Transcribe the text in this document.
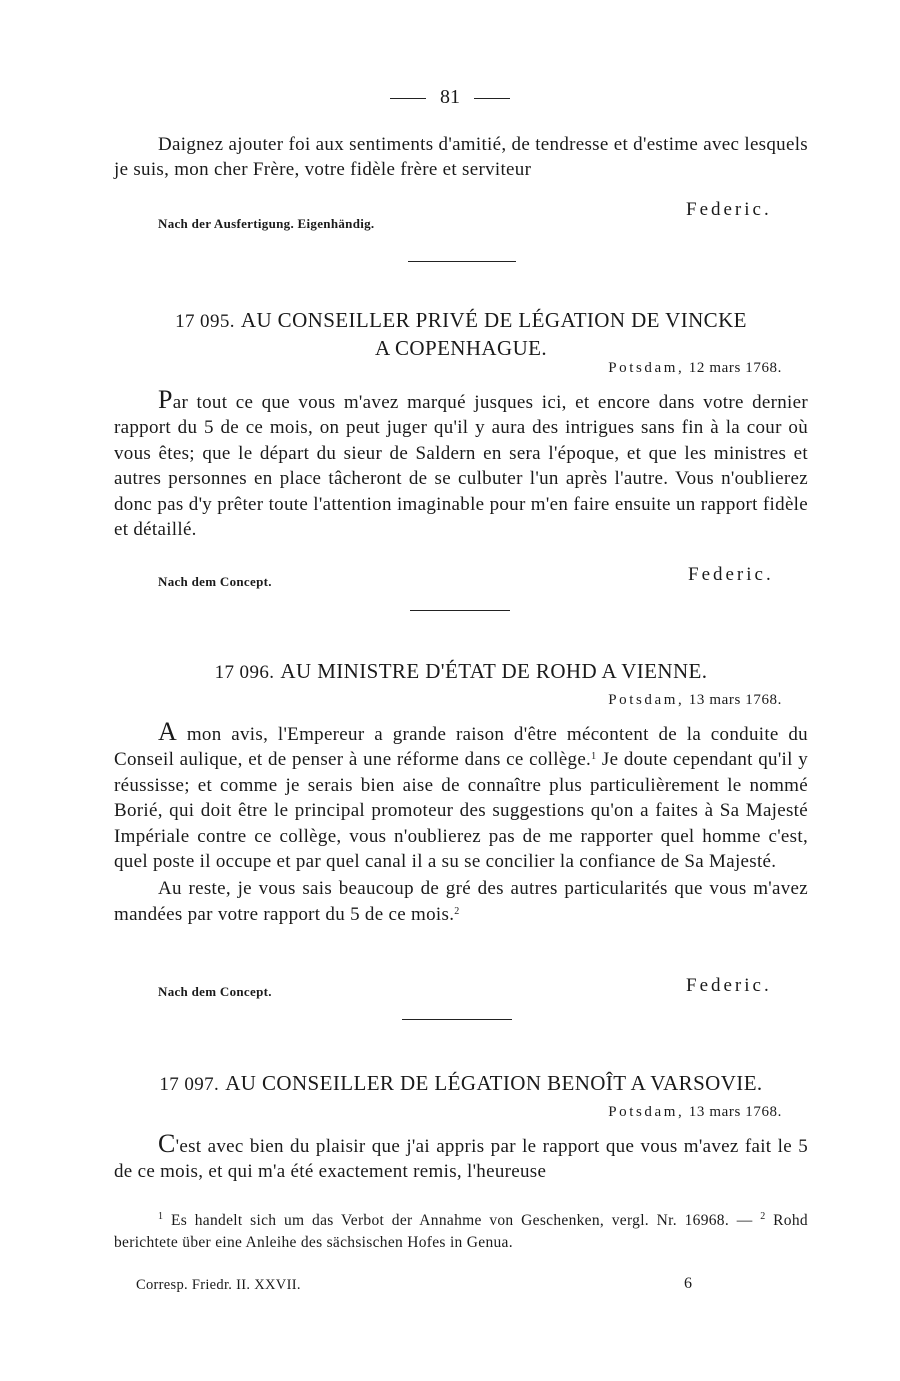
81
Daignez ajouter foi aux sentiments d'amitié, de tendresse et d'estime avec lesquels je suis, mon cher Frère, votre fidèle frère et serviteur
Federic.
Nach der Ausfertigung. Eigenhändig.
17 095. AU CONSEILLER PRIVÉ DE LÉGATION DE VINCKE
A COPENHAGUE.
Potsdam, 12 mars 1768.
Par tout ce que vous m'avez marqué jusques ici, et encore dans votre dernier rapport du 5 de ce mois, on peut juger qu'il y aura des intrigues sans fin à la cour où vous êtes; que le départ du sieur de Saldern en sera l'époque, et que les ministres et autres personnes en place tâcheront de se culbuter l'un après l'autre. Vous n'oublierez donc pas d'y prêter toute l'attention imaginable pour m'en faire ensuite un rapport fidèle et détaillé.
Nach dem Concept.	Federic.
17 096. AU MINISTRE D'ÉTAT DE ROHD A VIENNE.
Potsdam, 13 mars 1768.
A mon avis, l'Empereur a grande raison d'être mécontent de la conduite du Conseil aulique, et de penser à une réforme dans ce collège.$^1$ Je doute cependant qu'il y réussisse; et comme je serais bien aise de connaître plus particulièrement le nommé Borié, qui doit être le principal promoteur des suggestions qu'on a faites à Sa Majesté Impériale contre ce collège, vous n'oublierez pas de me rapporter quel homme c'est, quel poste il occupe et par quel canal il a su se concilier la confiance de Sa Majesté.
Au reste, je vous sais beaucoup de gré des autres particularités que vous m'avez mandées par votre rapport du 5 de ce mois.$^2$
Nach dem Concept.	Federic.
17 097. AU CONSEILLER DE LÉGATION BENOÎT A VARSOVIE.
Potsdam, 13 mars 1768.
C'est avec bien du plaisir que j'ai appris par le rapport que vous m'avez fait le 5 de ce mois, et qui m'a été exactement remis, l'heureuse
$^1$ Es handelt sich um das Verbot der Annahme von Geschenken, vergl. Nr. 16968. — $^2$ Rohd berichtete über eine Anleihe des sächsischen Hofes in Genua.
Corresp. Friedr. II. XXVII.	6
